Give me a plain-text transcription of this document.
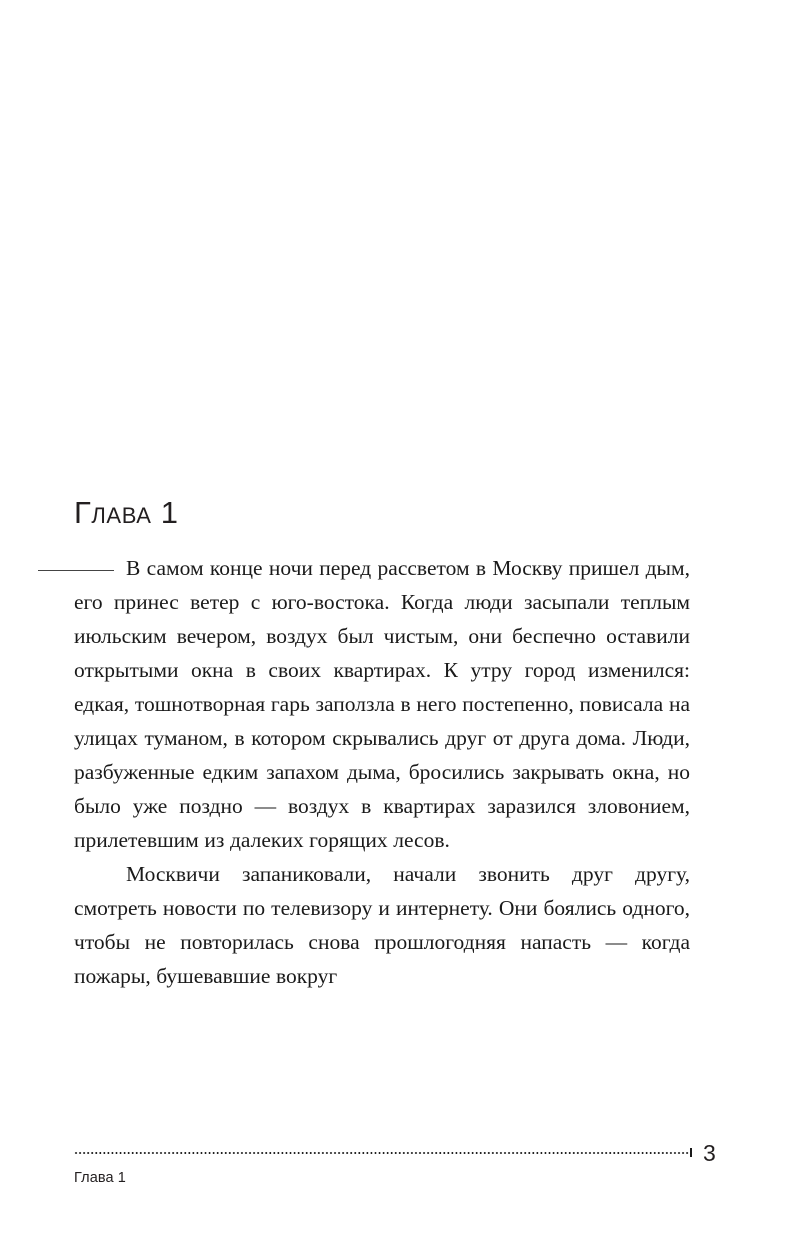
Глава 1

В самом конце ночи перед рассветом в Москву пришел дым, его принес ветер с юго-востока. Когда люди засыпали теплым июльским вечером, воздух был чистым, они беспечно оставили открытыми окна в своих квартирах. К утру город изменился: едкая, тошнотворная гарь заползла в него постепенно, повисала на улицах туманом, в котором скрывались друг от друга дома. Люди, разбуженные едким запахом дыма, бросились закрывать окна, но было уже поздно — воздух в квартирах заразился зловонием, прилетевшим из далеких горящих лесов.

Москвичи запаниковали, начали звонить друг другу, смотреть новости по телевизору и интернету. Они боялись одного, чтобы не повторилась снова прошлогодняя напасть — когда пожары, бушевавшие вокруг

3
Глава 1
